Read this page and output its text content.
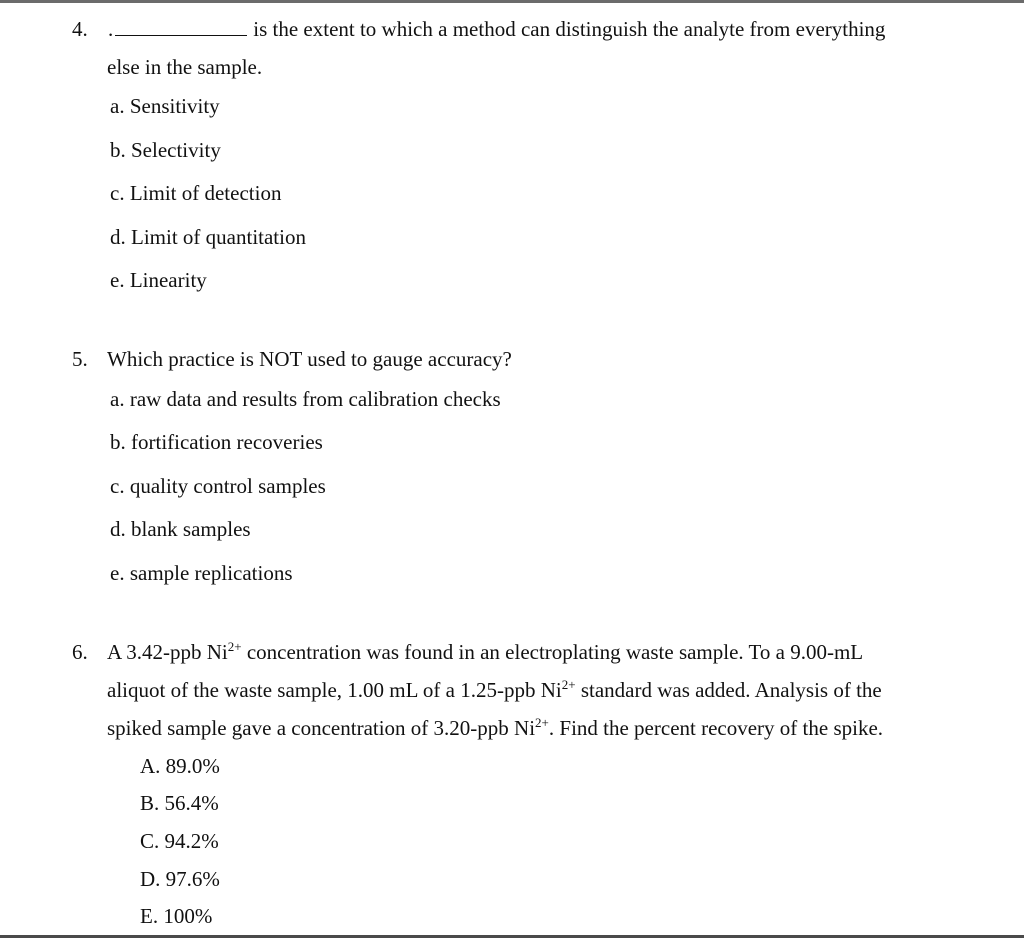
4. .	is the extent to which a method can distinguish the analyte from everything
else in the sample.
a. Sensitivity
b. Selectivity
c. Limit of detection
d. Limit of quantitation
e. Linearity
5. Which practice is NOT used to gauge accuracy?
a. raw data and results from calibration checks
b. fortification recoveries
c. quality control samples
d. blank samples
e. sample replications
6. A 3.42-ppb $Ni^{2+}$ concentration was found in an electroplating waste sample. To a 9.00-mL
aliquot of the waste sample, 1.00 mL of a 1.25-ppb $Ni^{2+}$ standard was added. Analysis of the
spiked sample gave a concentration of 3.20-ppb $Ni^{2+}$. Find the percent recovery of the spike.
A. 89.0%
B. 56.4%
C. 94.2%
D. 97.6%
E. 100%
